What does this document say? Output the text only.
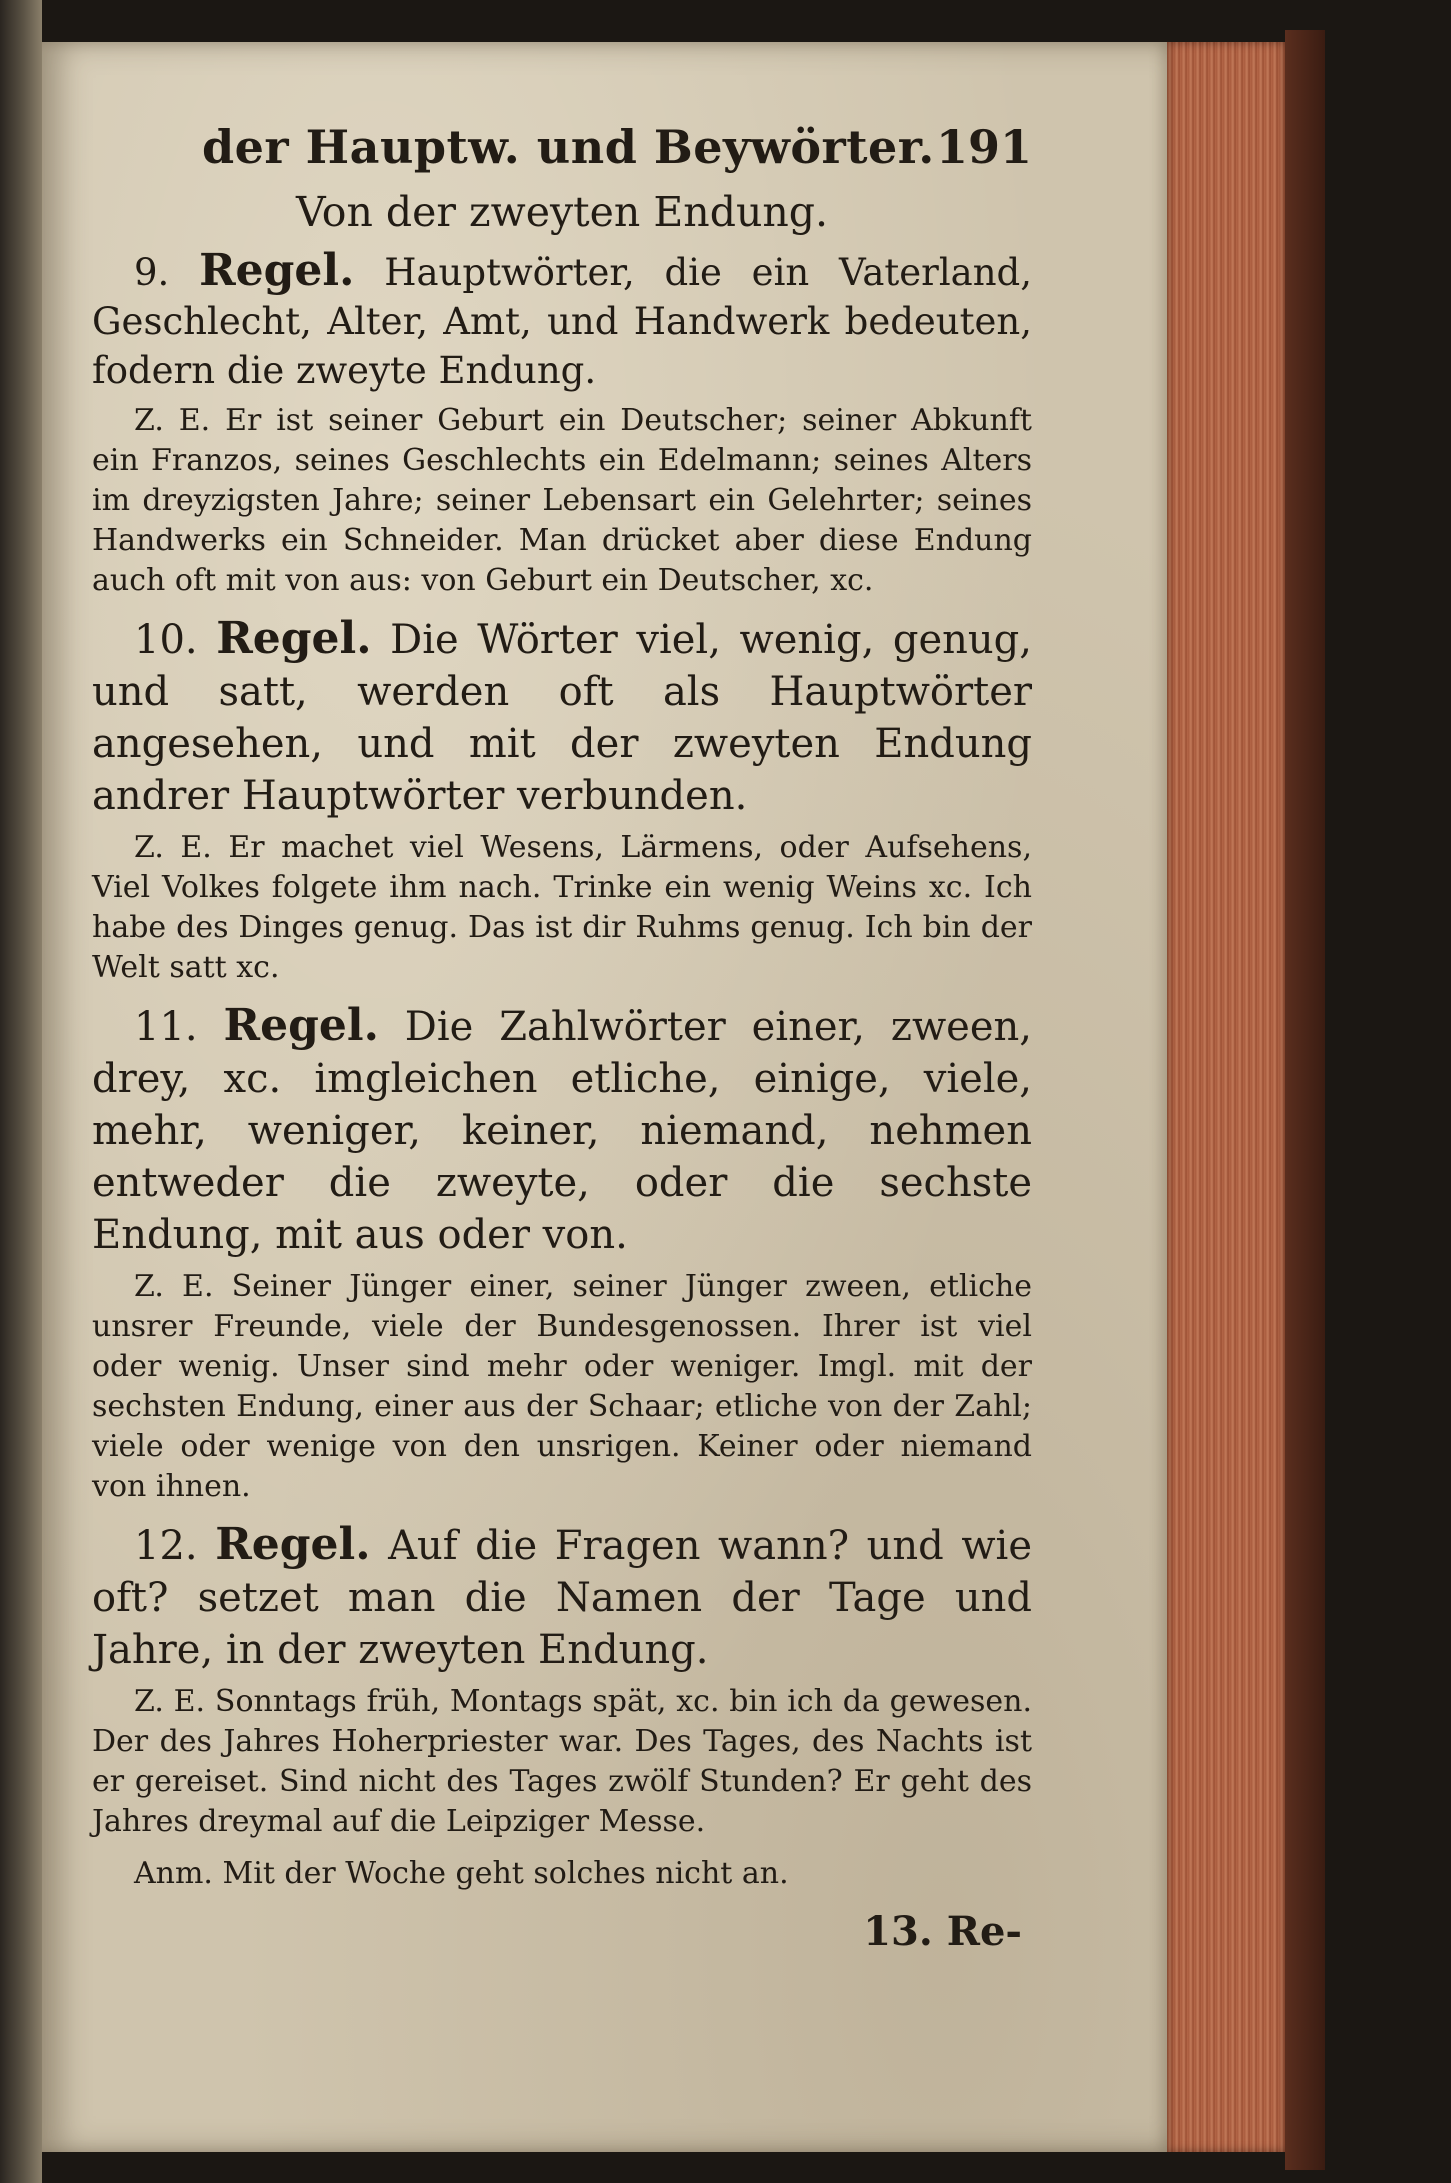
der Hauptw. und Beywörter. 191
Von der zweyten Endung.

9. Regel. Hauptwörter, die ein Vaterland, Geschlecht, Alter, Amt, und Handwerk bedeuten, fodern die zweyte Endung.

Z. E. Er ist seiner Geburt ein Deutscher; seiner Abkunft ein Franzos, seines Geschlechts ein Edelmann; seines Alters im dreyzigsten Jahre; seiner Lebensart ein Gelehrter; seines Handwerks ein Schneider. Man drücket aber diese Endung auch oft mit von aus: von Geburt ein Deutscher, xc.

10. Regel. Die Wörter viel, wenig, genug, und satt, werden oft als Hauptwörter angesehen, und mit der zweyten Endung andrer Hauptwörter verbunden.

Z. E. Er machet viel Wesens, Lärmens, oder Aufsehens, Viel Volkes folgete ihm nach. Trinke ein wenig Weins xc. Ich habe des Dinges genug. Das ist dir Ruhms genug. Ich bin der Welt satt xc.

11. Regel. Die Zahlwörter einer, zween, drey, xc. imgleichen etliche, einige, viele, mehr, weniger, keiner, niemand, nehmen entweder die zweyte, oder die sechste Endung, mit aus oder von.

Z. E. Seiner Jünger einer, seiner Jünger zween, etliche unsrer Freunde, viele der Bundesgenossen. Ihrer ist viel oder wenig. Unser sind mehr oder weniger. Imgl. mit der sechsten Endung, einer aus der Schaar; etliche von der Zahl; viele oder wenige von den unsrigen. Keiner oder niemand von ihnen.

12. Regel. Auf die Fragen wann? und wie oft? setzet man die Namen der Tage und Jahre, in der zweyten Endung.

Z. E. Sonntags früh, Montags spät, xc. bin ich da gewesen. Der des Jahres Hoherpriester war. Des Tages, des Nachts ist er gereiset. Sind nicht des Tages zwölf Stunden? Er geht des Jahres dreymal auf die Leipziger Messe.

Anm. Mit der Woche geht solches nicht an.

13. Re-
